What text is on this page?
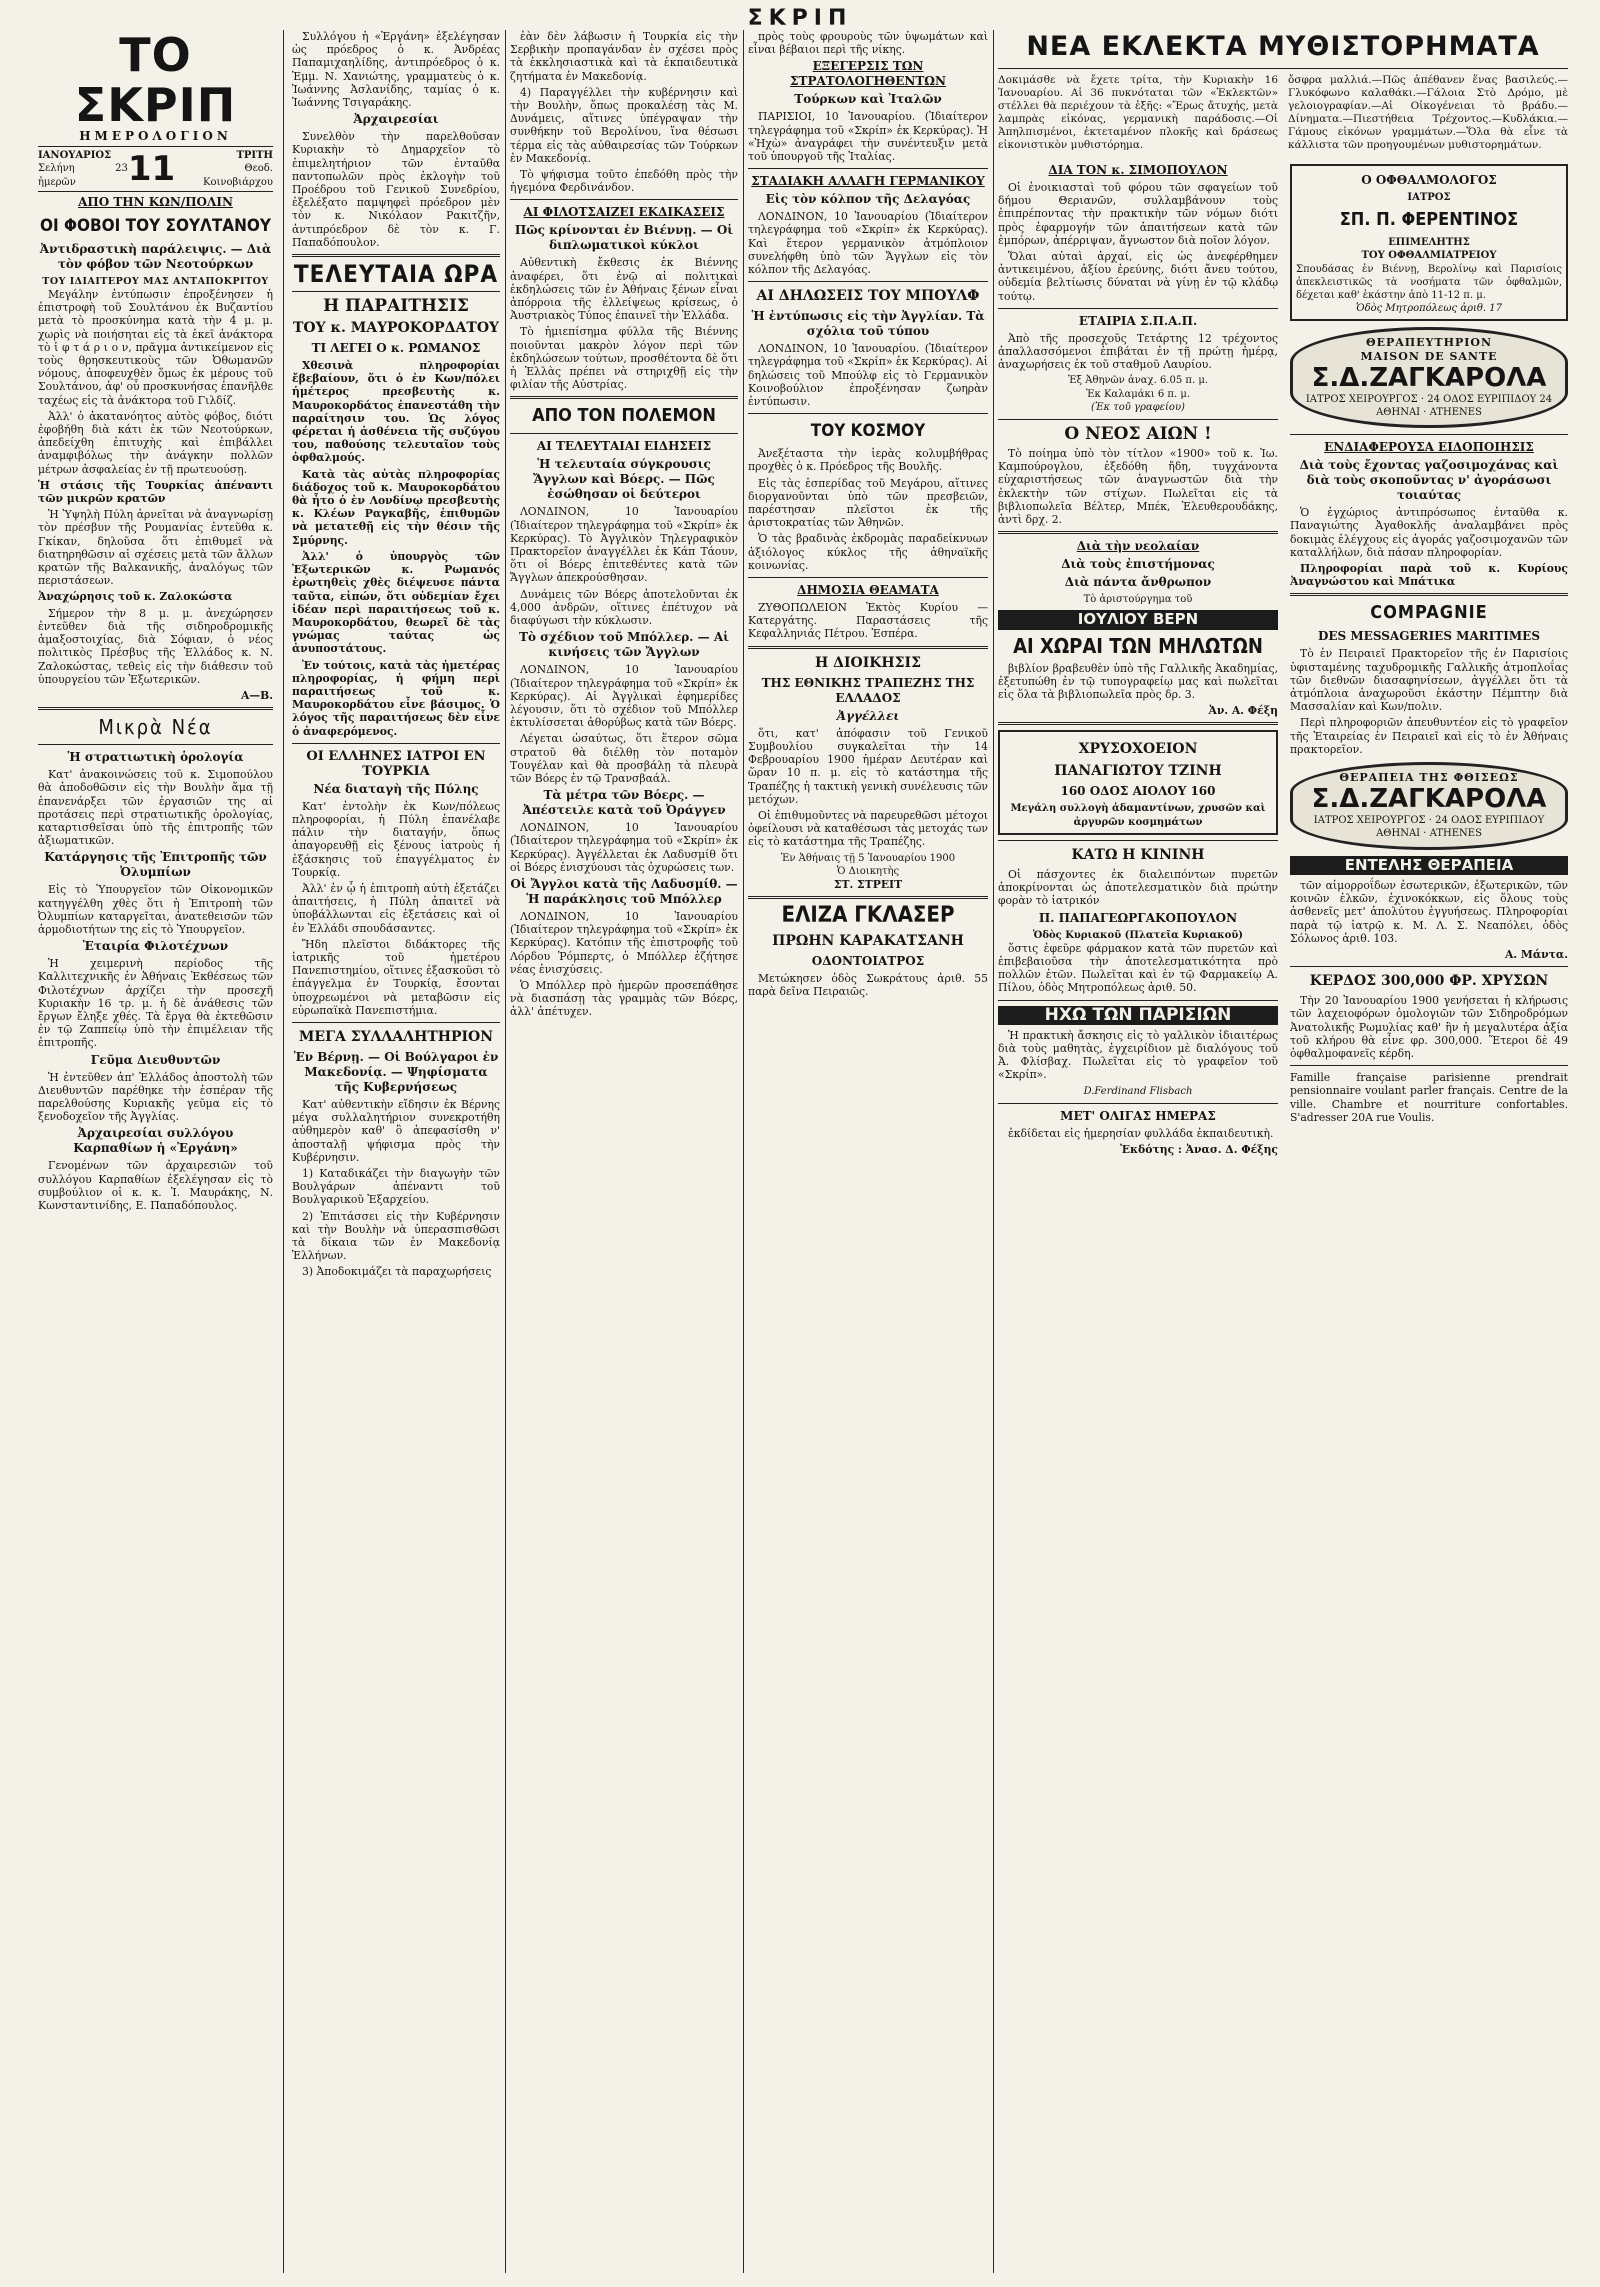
ΣΚΡΙΠ
ΤΟ ΣΚΡΙΠ
ΗΜΕΡΟΛΟΓΙΟΝ
ΙΑΝΟΥΑΡΙΟΣ
Σελήνη 23 ἡμερῶν	11	ΤΡΙΤΗ
Θεοδ. Κοινοβιάρχου
ΑΠΟ ΤΗΝ ΚΩΝ/ΠΟΛΙΝ
ΟΙ ΦΟΒΟΙ ΤΟΥ ΣΟΥΛΤΑΝΟΥ
Ἀντιδραστικὴ παράλειψις. — Διὰ τὸν φόβον τῶν Νεοτούρκων
ΤΟΥ ΙΔΙΑΙΤΕΡΟΥ ΜΑΣ ΑΝΤΑΠΟΚΡΙΤΟΥ

Μεγάλην ἐντύπωσιν ἐπροξένησεν ἡ ἐπιστροφὴ τοῦ Σουλτάνου ἐκ Βυζαντίου μετὰ τὸ προσκύνημα κατὰ τὴν 4 μ. μ. χωρὶς νὰ ποιήσηται εἰς τὰ ἐκεῖ ἀνάκτορα τὸ ἱ φ τ ά ρ ι ο ν, πρᾶγμα ἀντικείμενον εἰς τοὺς θρησκευτικοὺς τῶν Ὀθωμανῶν νόμους, ἀποφευχθὲν ὅμως ἐκ μέρους τοῦ Σουλτάνου, ἀφ' οὗ προσκυνήσας ἐπανῆλθε ταχέως εἰς τὰ ἀνάκτορα τοῦ Γιλδίζ.

Ἀλλ' ὁ ἀκατανόητος αὐτὸς φόβος, διότι ἐφοβήθη διὰ κάτι ἐκ τῶν Νεοτούρκων, ἀπεδείχθη ἐπιτυχὴς καὶ ἐπιβάλλει ἀναμφιβόλως τὴν ἀνάγκην πολλῶν μέτρων ἀσφαλείας ἐν τῇ πρωτευούσῃ.

Ἡ στάσις τῆς Τουρκίας ἀπέναντι τῶν μικρῶν κρατῶν

Ἡ Ὑψηλὴ Πύλη ἀρνεῖται νὰ ἀναγνωρίσῃ τὸν πρέσβυν τῆς Ρουμανίας ἐντεῦθα κ. Γκίκαν, δηλοῦσα ὅτι ἐπιθυμεῖ νὰ διατηρηθῶσιν αἱ σχέσεις μετὰ τῶν ἄλλων κρατῶν τῆς Βαλκανικῆς, ἀναλόγως τῶν περιστάσεων.

Ἀναχώρησις τοῦ κ. Ζαλοκώστα

Σήμερον τὴν 8 μ. μ. ἀνεχώρησεν ἐντεῦθεν διὰ τῆς σιδηροδρομικῆς ἀμαξοστοιχίας, διὰ Σόφιαν, ὁ νέος πολιτικὸς Πρέσβυς τῆς Ἑλλάδος κ. Ν. Ζαλοκώστας, τεθεὶς εἰς τὴν διάθεσιν τοῦ ὑπουργείου τῶν Ἐξωτερικῶν.

Α—Β.
Μικρὰ Νέα
Ἡ στρατιωτικὴ ὁρολογία

Κατ' ἀνακοινώσεις τοῦ κ. Σιμοπούλου θὰ ἀποδοθῶσιν εἰς τὴν Βουλὴν ἅμα τῇ ἐπανενάρξει τῶν ἐργασιῶν της αἱ προτάσεις περὶ στρατιωτικῆς ὁρολογίας, καταρτισθεῖσαι ὑπὸ τῆς ἐπιτροπῆς τῶν ἀξιωματικῶν.

Κατάργησις τῆς Ἐπιτροπῆς τῶν Ὀλυμπίων

Εἰς τὸ Ὑπουργεῖον τῶν Οἰκονομικῶν κατηγγέλθη χθὲς ὅτι ἡ Ἐπιτροπὴ τῶν Ὀλυμπίων καταργεῖται, ἀνατεθεισῶν τῶν ἁρμοδιοτήτων της εἰς τὸ Ὑπουργεῖον.

Ἑταιρία Φιλοτέχνων

Ἡ χειμερινὴ περίοδος τῆς Καλλιτεχνικῆς ἐν Ἀθήναις Ἐκθέσεως τῶν Φιλοτέχνων ἀρχίζει τὴν προσεχῆ Κυριακὴν 16 τρ. μ. ἡ δὲ ἀνάθεσις τῶν ἔργων ἔληξε χθές. Τὰ ἔργα θὰ ἐκτεθῶσιν ἐν τῷ Ζαππείῳ ὑπὸ τὴν ἐπιμέλειαν τῆς ἐπιτροπῆς.

Γεῦμα Διευθυντῶν

Ἡ ἐντεῦθεν ἀπ' Ἑλλάδος ἀποστολὴ τῶν Διευθυντῶν παρέθηκε τὴν ἑσπέραν τῆς παρελθούσης Κυριακῆς γεῦμα εἰς τὸ ξενοδοχεῖον τῆς Ἀγγλίας.

Ἀρχαιρεσίαι συλλόγου Καρπαθίων ἡ «Ἐργάνη»

Γενομένων τῶν ἀρχαιρεσιῶν τοῦ συλλόγου Καρπαθίων ἐξελέγησαν εἰς τὸ συμβούλιον οἱ κ. κ. Ἰ. Μαυράκης, Ν. Κωνσταντινίδης, Ε. Παπαδόπουλος.

Συλλόγου ἡ «Ἐργάνη» ἐξελέγησαν ὡς πρόεδρος ὁ κ. Ἀνδρέας Παπαμιχαηλίδης, ἀντιπρόεδρος ὁ κ. Ἐμμ. Ν. Χανιώτης, γραμματεὺς ὁ κ. Ἰωάννης Ἀσλανίδης, ταμίας ὁ κ. Ἰωάννης Τσιγαράκης.

Ἀρχαιρεσίαι

Συνελθὸν τὴν παρελθοῦσαν Κυριακὴν τὸ Δημαρχεῖον τὸ ἐπιμελητήριον τῶν ἐνταῦθα παντοπωλῶν πρὸς ἐκλογὴν τοῦ Προέδρου τοῦ Γενικοῦ Συνεδρίου, ἐξελέξατο παμψηφεὶ πρόεδρον μὲν τὸν κ. Νικόλαον Ρακιτζῆν, ἀντιπρόεδρον δὲ τὸν κ. Γ. Παπαδόπουλον.

ΤΕΛΕΥΤΑΙΑ ΩΡΑ
Η ΠΑΡΑΙΤΗΣΙΣ
ΤΟΥ κ. ΜΑΥΡΟΚΟΡΔΑΤΟΥ
ΤΙ ΛΕΓΕΙ Ο κ. ΡΩΜΑΝΟΣ

Χθεσινὰ πληροφορίαι ἔβεβαίουν, ὅτι ὁ ἐν Κων/πόλει ἡμέτερος πρεσβευτὴς κ. Μαυροκορδάτος ἐπανεστάθη τὴν παραίτησιν του. Ὡς λόγος φέρεται ἡ ἀσθένεια τῆς συζύγου του, παθούσης τελευταῖον τοὺς ὀφθαλμούς.

Κατὰ τὰς αὐτὰς πληροφορίας διάδοχος τοῦ κ. Μαυροκορδάτου θὰ ἦτο ὁ ἐν Λονδίνῳ πρεσβευτὴς κ. Κλέων Ραγκαβῆς, ἐπιθυμῶν νὰ μετατεθῇ εἰς τὴν θέσιν τῆς Σμύρνης.

Ἀλλ' ὁ ὑπουργὸς τῶν Ἐξωτερικῶν κ. Ρωμανός ἐρωτηθεὶς χθὲς διέψευσε πάντα ταῦτα, εἰπών, ὅτι οὐδεμίαν ἔχει ἰδέαν περὶ παραιτήσεως τοῦ κ. Μαυροκορδάτου, θεωρεῖ δὲ τὰς γνώμας ταύτας ὡς ἀνυποστάτους.

Ἐν τούτοις, κατὰ τὰς ἡμετέρας πληροφορίας, ἡ φήμη περὶ παραιτήσεως τοῦ κ. Μαυροκορδάτου εἶνε βάσιμος. Ὁ λόγος τῆς παραιτήσεως δὲν εἶνε ὁ ἀναφερόμενος.

ΟΙ ΕΛΛΗΝΕΣ ΙΑΤΡΟΙ ΕΝ ΤΟΥΡΚΙΑ
Νέα διαταγὴ τῆς Πύλης

Κατ' ἐντολὴν ἐκ Κων/πόλεως πληροφορίαι, ἡ Πύλη ἐπανέλαβε πάλιν τὴν διαταγήν, ὅπως ἀπαγορευθῇ εἰς ξένους ἰατροὺς ἡ ἐξάσκησις τοῦ ἐπαγγέλματος ἐν Τουρκίᾳ.

Ἀλλ' ἐν ᾧ ἡ ἐπιτροπὴ αὐτὴ ἐξετάζει ἀπαιτήσεις, ἡ Πύλη ἀπαιτεῖ νὰ ὑποβάλλωνται εἰς ἐξετάσεις καὶ οἱ ἐν Ἑλλάδι σπουδάσαντες.

Ἤδη πλεῖστοι διδάκτορες τῆς ἰατρικῆς τοῦ ἡμετέρου Πανεπιστημίου, οἵτινες ἐξασκοῦσι τὸ ἐπάγγελμα ἐν Τουρκίᾳ, ἔσονται ὑποχρεωμένοι νὰ μεταβῶσιν εἰς εὐρωπαϊκὰ Πανεπιστήμια.

ΜΕΓΑ ΣΥΛΛΑΛΗΤΗΡΙΟΝ
Ἐν Βέρνῃ. — Οἱ Βούλγαροι ἐν Μακεδονίᾳ. — Ψηφίσματα τῆς Κυβερνήσεως

Κατ' αὐθεντικὴν εἴδησιν ἐκ Βέρνης μέγα συλλαλητήριον συνεκροτήθη αὐθημερὸν καθ' ὃ ἀπεφασίσθη ν' ἀποσταλῇ ψήφισμα πρὸς τὴν Κυβέρνησιν.

1) Καταδικάζει τὴν διαγωγὴν τῶν Βουλγάρων ἀπέναντι τοῦ Βουλγαρικοῦ Ἐξαρχείου.

2) Ἐπιτάσσει εἰς τὴν Κυβέρνησιν καὶ τὴν Βουλὴν νὰ ὑπερασπισθῶσι τὰ δίκαια τῶν ἐν Μακεδονίᾳ Ἑλλήνων.

3) Ἀποδοκιμάζει τὰ παραχωρήσεις

ἐὰν δὲν λάβωσιν ἡ Τουρκία εἰς τὴν Σερβικὴν προπαγάνδαν ἐν σχέσει πρὸς τὰ ἐκκλησιαστικὰ καὶ τὰ ἐκπαιδευτικὰ ζητήματα ἐν Μακεδονίᾳ.

4) Παραγγέλλει τὴν κυβέρνησιν καὶ τὴν Βουλὴν, ὅπως προκαλέσῃ τὰς Μ. Δυνάμεις, αἵτινες ὑπέγραψαν τὴν συνθήκην τοῦ Βερολίνου, ἵνα θέσωσι τέρμα εἰς τὰς αὐθαιρεσίας τῶν Τούρκων ἐν Μακεδονίᾳ.

Τὸ ψήφισμα τοῦτο ἐπεδόθη πρὸς τὴν ἡγεμόνα Φερδινάνδον.

ΑΙ ΦΙΛΟΤΣΑΙΖΕΙ ΕΚΔΙΚΑΣΕΙΣ
Πῶς κρίνονται ἐν Βιέννῃ. — Οἱ διπλωματικοὶ κύκλοι

Αὐθεντικὴ ἔκθεσις ἐκ Βιέννης ἀναφέρει, ὅτι ἐνῷ αἱ πολιτικαὶ ἐκδηλώσεις τῶν ἐν Ἀθήναις ξένων εἶναι ἀπόρροια τῆς ἐλλείψεως κρίσεως, ὁ Ἀυστριακὸς Τύπος ἐπαινεῖ τὴν Ἑλλάδα.

Τὸ ἡμιεπίσημα φύλλα τῆς Βιέννης ποιοῦνται μακρὸν λόγον περὶ τῶν ἐκδηλώσεων τούτων, προσθέτοντα δὲ ὅτι ἡ Ἑλλὰς πρέπει νὰ στηριχθῇ εἰς τὴν φιλίαν τῆς Αὐστρίας.

ΑΠΟ ΤΟΝ ΠΟΛΕΜΟΝ
ΑΙ ΤΕΛΕΥΤΑΙΑΙ ΕΙΔΗΣΕΙΣ
Ἡ τελευταία σύγκρουσις Ἄγγλων καὶ Βόερς. — Πῶς ἐσώθησαν οἱ δεύτεροι

ΛΟΝΔΙΝΟΝ, 10 Ἰανουαρίου (Ἰδιαίτερον τηλεγράφημα τοῦ «Σκρίπ» ἐκ Κερκύρας). Τὸ Ἀγγλικὸν Τηλεγραφικὸν Πρακτορεῖον ἀναγγέλλει ἐκ Κάπ Τάουν, ὅτι οἱ Βόερς ἐπιτεθέντες κατὰ τῶν Ἄγγλων ἀπεκρούσθησαν.

Δυνάμεις τῶν Βόερς ἀποτελοῦνται ἐκ 4,000 ἀνδρῶν, οἵτινες ἐπέτυχον νὰ διαφύγωσι τὴν κύκλωσιν.

Τὸ σχέδιον τοῦ Μπόλλερ. — Αἱ κινήσεις τῶν Ἄγγλων

ΛΟΝΔΙΝΟΝ, 10 Ἰανουαρίου (Ἰδιαίτερον τηλεγράφημα τοῦ «Σκρίπ» ἐκ Κερκύρας). Αἱ Ἀγγλικαὶ ἐφημερίδες λέγουσιν, ὅτι τὸ σχέδιον τοῦ Μπόλλερ ἐκτυλίσσεται ἀθορύβως κατὰ τῶν Βόερς.

Λέγεται ὡσαύτως, ὅτι ἕτερον σῶμα στρατοῦ θὰ διέλθῃ τὸν ποταμὸν Τουγέλαν καὶ θὰ προσβάλῃ τὰ πλευρὰ τῶν Βόερς ἐν τῷ Τρανσβαάλ.

Τὰ μέτρα τῶν Βόερς. — Ἀπέστειλε κατὰ τοῦ Ὀράγγεν

ΛΟΝΔΙΝΟΝ, 10 Ἰανουαρίου (Ἰδιαίτερον τηλεγράφημα τοῦ «Σκρίπ» ἐκ Κερκύρας). Ἀγγέλλεται ἐκ Λαδυσμίθ ὅτι οἱ Βόερς ἐνισχύουσι τὰς ὀχυρώσεις των.

Οἱ Ἄγγλοι κατὰ τῆς Λαδυσμίθ. — Ἡ παράκλησις τοῦ Μπόλλερ

ΛΟΝΔΙΝΟΝ, 10 Ἰανουαρίου (Ἰδιαίτερον τηλεγράφημα τοῦ «Σκρίπ» ἐκ Κερκύρας). Κατόπιν τῆς ἐπιστροφῆς τοῦ Λόρδου Ῥόμπερτς, ὁ Μπόλλερ ἐζήτησε νέας ἐνισχύσεις.

Ὁ Μπόλλερ πρὸ ἡμερῶν προσεπάθησε νὰ διασπάσῃ τὰς γραμμὰς τῶν Βόερς, ἀλλ' ἀπέτυχεν.

πρὸς τοὺς φρουροὺς τῶν ὑψωμάτων καὶ εἶναι βέβαιοι περὶ τῆς νίκης.

ΕΞΕΓΕΡΣΙΣ ΤΩΝ ΣΤΡΑΤΟΛΟΓΗΘΕΝΤΩΝ
Τούρκων καὶ Ἰταλῶν

ΠΑΡΙΣΙΟΙ, 10 Ἰανουαρίου. (Ἰδιαίτερον τηλεγράφημα τοῦ «Σκρίπ» ἐκ Κερκύρας). Ἡ «Ἠχὼ» ἀναγράφει τὴν συνέντευξιν μετὰ τοῦ ὑπουργοῦ τῆς Ἰταλίας.

ΣΤΑΔΙΑΚΗ ΑΛΛΑΓΗ ΓΕΡΜΑΝΙΚΟΥ
Εἰς τὸν κόλπον τῆς Δελαγόας

ΛΟΝΔΙΝΟΝ, 10 Ἰανουαρίου (Ἰδιαίτερον τηλεγράφημα τοῦ «Σκρίπ» ἐκ Κερκύρας). Καὶ ἕτερον γερμανικὸν ἀτμόπλοιον συνελήφθη ὑπὸ τῶν Ἄγγλων εἰς τὸν κόλπον τῆς Δελαγόας.

ΑΙ ΔΗΛΩΣΕΙΣ ΤΟΥ ΜΠΟΥΛΦ
Ἡ ἐντύπωσις εἰς τὴν Ἀγγλίαν. Τὰ σχόλια τοῦ τύπου

ΛΟΝΔΙΝΟΝ, 10 Ἰανουαρίου. (Ἰδιαίτερον τηλεγράφημα τοῦ «Σκρίπ» ἐκ Κερκύρας). Αἱ δηλώσεις τοῦ Μπούλφ εἰς τὸ Γερμανικὸν Κοινοβούλιον ἐπροξένησαν ζωηρὰν ἐντύπωσιν.

ΤΟΥ ΚΟΣΜΟΥ

Ἀνεξέταστα τὴν ἱερὰς κολυμβήθρας προχθὲς ὁ κ. Πρόεδρος τῆς Βουλῆς.

Εἰς τὰς ἑσπερίδας τοῦ Μεγάρου, αἵτινες διοργανοῦνται ὑπὸ τῶν πρεσβειῶν, παρέστησαν πλεῖστοι ἐκ τῆς ἀριστοκρατίας τῶν Ἀθηνῶν.

Ὁ τὰς βραδινὰς ἐκδρομὰς παραδείκνυων ἀξιόλογος κύκλος τῆς ἀθηναϊκῆς κοινωνίας.

ΔΗΜΟΣΙΑ ΘΕΑΜΑΤΑ

ΖΥΘΟΠΩΛΕΙΟΝ Ἐκτὸς Κυρίου — Κατεργάτης. Παραστάσεις τῆς Κεφαλληνιάς Πέτρου. Ἐσπέρα.

Η ΔΙΟΙΚΗΣΙΣ
ΤΗΣ ΕΘΝΙΚΗΣ ΤΡΑΠΕΖΗΣ ΤΗΣ ΕΛΛΑΔΟΣ
Ἀγγέλλει

ὅτι, κατ' ἀπόφασιν τοῦ Γενικοῦ Συμβουλίου συγκαλεῖται τὴν 14 Φεβρουαρίου 1900 ἡμέραν Δευτέραν καὶ ὥραν 10 π. μ. εἰς τὸ κατάστημα τῆς Τραπέζης ἡ τακτικὴ γενικὴ συνέλευσις τῶν μετόχων.

Οἱ ἐπιθυμοῦντες νὰ παρευρεθῶσι μέτοχοι ὀφείλουσι νὰ καταθέσωσι τὰς μετοχάς των εἰς τὸ κατάστημα τῆς Τραπέζης.

Ἐν Ἀθήναις τῇ 5 Ἰανουαρίου 1900
Ὁ Διοικητὴς
ΣΤ. ΣΤΡΕΙΤ
ΕΛΙΖΑ ΓΚΛΑΣΕΡ
ΠΡΩΗΝ ΚΑΡΑΚΑΤΣΑΝΗ
ΟΔΟΝΤΟΙΑΤΡΟΣ

Μετώκησεν ὁδὸς Σωκράτους ἀριθ. 55 παρὰ δεῖνα Πειραιῶς.

ΝΕΑ ΕΚΛΕΚΤΑ ΜΥΘΙΣΤΟΡΗΜΑΤΑ
Δοκιμάσθε νὰ ἔχετε τρίτα, τὴν Κυριακὴν 16 Ἰανουαρίου. Αἱ 36 πυκνόταται τῶν «Ἐκλεκτῶν» στέλλει θὰ περιέχουν τὰ ἑξῆς: «Ἔρως ἄτυχής, μετὰ λαμπρὰς εἰκόνας, γερμανικὴ παράδοσις.—Οἱ Ἀπηλπισμένοι, ἐκτεταμένον πλοκῆς καὶ δράσεως εἰκονιστικὸν μυθιστόρημα.
ὄσφρα μαλλιά.—Πῶς ἀπέθανεν ἕνας βασιλεύς.—Γλυκόφωνο καλαθάκι.—Γάλοια Στὸ Δρόμο, μὲ γελοιογραφίαν.—Αἱ Οἰκογένειαι τὸ βράδυ.—Δίνηματα.—Πιεστήθεια Τρέχοντος.—Κυδλάκια.—Γάμους εἰκόνων γραμμάτων.—Ὅλα θὰ εἶνε τὰ κάλλιστα τῶν προηγουμένων μυθιστορημάτων.
ΔΙΑ ΤΟΝ κ. ΣΙΜΟΠΟΥΛΟΝ

Οἱ ἐνοικιασταὶ τοῦ φόρου τῶν σφαγείων τοῦ δήμου Θεριανῶν, συλλαμβάνουν τοὺς ἐπιπρέποντας τὴν πρακτικὴν τῶν νόμων διότι πρὸς ἐφαρμογήν τῶν ἀπαιτήσεων κατὰ τῶν ἐμπόρων, ἀπέρριψαν, ἄγνωστον διὰ ποῖον λόγον.

Ὅλαι αὐταὶ ἀρχαί, εἰς ὡς ἀνεφέρθημεν ἀντικειμένου, ἀξίου ἐρεύνης, διότι ἄνευ τούτου, οὐδεμία βελτίωσις δύναται νὰ γίνῃ ἐν τῷ κλάδῳ τούτῳ.

ΕΤΑΙΡΙΑ Σ.Π.Α.Π.

Ἀπὸ τῆς προσεχοῦς Τετάρτης 12 τρέχοντος ἀπαλλασσόμενοι ἐπιβάται ἐν τῇ πρώτῃ ἡμέρᾳ, ἀναχωρήσεις ἐκ τοῦ σταθμοῦ Λαυρίου.

Ἐξ Ἀθηνῶν ἀναχ. 6.05 π. μ.
Ἐκ Καλαμάκι 6 π. μ.
(Ἐκ τοῦ γραφείου)
Ο ΝΕΟΣ ΑΙΩΝ !

Τὸ ποίημα ὑπὸ τὸν τίτλον «1900» τοῦ κ. Ἰω. Καμπούρογλου, ἐξεδόθη ἤδη, τυγχάνοντα εὐχαριστήσεως τῶν ἀναγνωστῶν διὰ τὴν ἐκλεκτὴν τῶν στίχων. Πωλεῖται εἰς τὰ βιβλιοπωλεῖα Βέλτερ, Μπέκ, Ἐλευθερουδάκης, ἀντὶ δρχ. 2.

Διὰ τὴν νεολαίαν
Διὰ τοὺς ἐπιστήμονας
Διὰ πάντα ἄνθρωπον
Τὸ ἀριστούργημα τοῦ
ΙΟΥΛΙΟΥ ΒΕΡΝ
ΑΙ ΧΩΡΑΙ ΤΩΝ ΜΗΛΩΤΩΝ

βιβλίον βραβευθὲν ὑπὸ τῆς Γαλλικῆς Ἀκαδημίας, ἐξετυπώθη ἐν τῷ τυπογραφείῳ μας καὶ πωλεῖται εἰς ὅλα τὰ βιβλιοπωλεῖα πρὸς δρ. 3.

Ἀν. Α. Φέξη
ΧΡΥΣΟΧΟΕΙΟΝ
ΠΑΝΑΓΙΩΤΟΥ ΤΖΙΝΗ
160 ΟΔΟΣ ΑΙΟΛΟΥ 160
Μεγάλη συλλογὴ ἀδαμαντίνων, χρυσῶν καὶ ἀργυρῶν κοσμημάτων
ΚΑΤΩ Η ΚΙΝΙΝΗ

Οἱ πάσχοντες ἐκ διαλειπόντων πυρετῶν ἀποκρίνονται ὡς ἀποτελεσματικὸν διὰ πρώτην φορὰν τὸ ἰατρικόν

Π. ΠΑΠΑΓΕΩΡΓΑΚΟΠΟΥΛΟΝ
Ὁδὸς Κυριακοῦ (Πλατεῖα Κυριακοῦ)

ὅστις ἐφεῦρε φάρμακον κατὰ τῶν πυρετῶν καὶ ἐπιβεβαιοῦσα τὴν ἀποτελεσματικότητα πρὸ πολλῶν ἐτῶν. Πωλεῖται καὶ ἐν τῷ Φαρμακείῳ Α. Πίλου, ὁδὸς Μητροπόλεως ἀριθ. 50.

ΗΧΩ ΤΩΝ ΠΑΡΙΣΙΩΝ

Ἡ πρακτικὴ ἄσκησις εἰς τὸ γαλλικὸν ἰδιαιτέρως διὰ τοὺς μαθητὰς, ἐγχειρίδιον μὲ διαλόγους τοῦ Ἀ. Φλίσβαχ. Πωλεῖται εἰς τὸ γραφεῖον τοῦ «Σκρίπ».

D.Ferdinand Flisbach
ΜΕΤ' ΟΛΙΓΑΣ ΗΜΕΡΑΣ

ἐκδίδεται εἰς ἠμερησίαν φυλλάδα ἐκπαιδευτικὴ.

Ἐκδότης : Ἀνασ. Δ. Φέξης
Ο ΟΦΘΑΛΜΟΛΟΓΟΣ
ΙΑΤΡΟΣ
ΣΠ. Π. ΦΕΡΕΝΤΙΝΟΣ
ΕΠΙΜΕΛΗΤΗΣ
ΤΟΥ ΟΦΘΑΛΜΙΑΤΡΕΙΟΥ
Σπουδάσας ἐν Βιέννῃ, Βερολίνῳ καὶ Παρισίοις ἀπεκλειστικῶς τὰ νοσήματα τῶν ὀφθαλμῶν, δέχεται καθ' ἑκάστην ἀπὸ 11-12 π. μ.
Ὁδὸς Μητροπόλεως ἀριθ. 17
ΘΕΡΑΠΕΥΤΗΡΙΟΝ
MAISON DE SANTE
Σ.Δ.ΖΑΓΚΑΡΟΛΑ
ΙΑΤΡΟΣ ΧΕΙΡΟΥΡΓΟΣ · 24 ΟΔΟΣ ΕΥΡΙΠΙΔΟΥ 24
ΑΘΗΝΑΙ · ATHENES
ΕΝΔΙΑΦΕΡΟΥΣΑ ΕΙΔΟΠΟΙΗΣΙΣ
Διὰ τοὺς ἔχοντας γαζοσιμοχάνας καὶ διὰ τοὺς σκοποῦντας ν' ἀγοράσωσι τοιαύτας

Ὁ ἐγχώριος ἀντιπρόσωπος ἐνταῦθα κ. Παναγιώτης Ἀγαθοκλῆς ἀναλαμβάνει πρὸς δοκιμὰς ἐλέγχους εἰς ἀγοράς γαζοσιμοχανῶν τῶν καταλλήλων, διὰ πάσαν πληροφορίαν.

Πληροφορίαι παρὰ τοῦ κ. Κυρίους Ἀναγνώστου καὶ Μπάτικα

COMPAGNIE
DES MESSAGERIES MARITIMES

Τὸ ἐν Πειραιεῖ Πρακτορεῖον τῆς ἐν Παρισίοις ὑφισταμένης ταχυδρομικῆς Γαλλικῆς ἀτμοπλοΐας τῶν διεθνῶν διασαφηνίσεων, ἀγγέλλει ὅτι τὰ ἀτμόπλοια ἀναχωροῦσι ἑκάστην Πέμπτην διὰ Μασσαλίαν καὶ Κων/πολιν.

Περὶ πληροφοριῶν ἀπευθυντέον εἰς τὸ γραφεῖον τῆς Ἑταιρείας ἐν Πειραιεῖ καὶ εἰς τὸ ἐν Ἀθήναις πρακτορεῖον.

ΘΕΡΑΠΕΙΑ ΤΗΣ ΦΘΙΣΕΩΣ
Σ.Δ.ΖΑΓΚΑΡΟΛΑ
ΙΑΤΡΟΣ ΧΕΙΡΟΥΡΓΟΣ · 24 ΟΔΟΣ ΕΥΡΙΠΙΔΟΥ
ΑΘΗΝΑΙ · ATHENES
ΕΝΤΕΛΗΣ ΘΕΡΑΠΕΙΑ

τῶν αἱμορροΐδων ἐσωτερικῶν, ἐξωτερικῶν, τῶν κοινῶν ἑλκῶν, ἐχινοκόκκων, εἰς ὅλους τοὺς ἀσθενεῖς μετ' ἀπολύτου ἐγγυήσεως. Πληροφορίαι παρὰ τῷ ἰατρῷ κ. Μ. Λ. Σ. Νεαπόλει, ὁδὸς Σόλωνος ἀριθ. 103.

Α. Μάντα.
ΚΕΡΔΟΣ 300,000 ΦΡ. ΧΡΥΣΩΝ

Τὴν 20 Ἰανουαρίου 1900 γενήσεται ἡ κλήρωσις τῶν λαχειοφόρων ὁμολογιῶν τῶν Σιδηροδρόμων Ἀνατολικῆς Ρωμυλίας καθ' ἣν ἡ μεγαλυτέρα ἀξία τοῦ κλήρου θὰ εἶνε φρ. 300,000. Ἕτεροι δὲ 49 ὀφθαλμοφανεῖς κέρδη.

Famille française parisienne prendrait pensionnaire voulant parler français. Centre de la ville. Chambre et nourriture confortables. S'adresser 20A rue Voulis.
